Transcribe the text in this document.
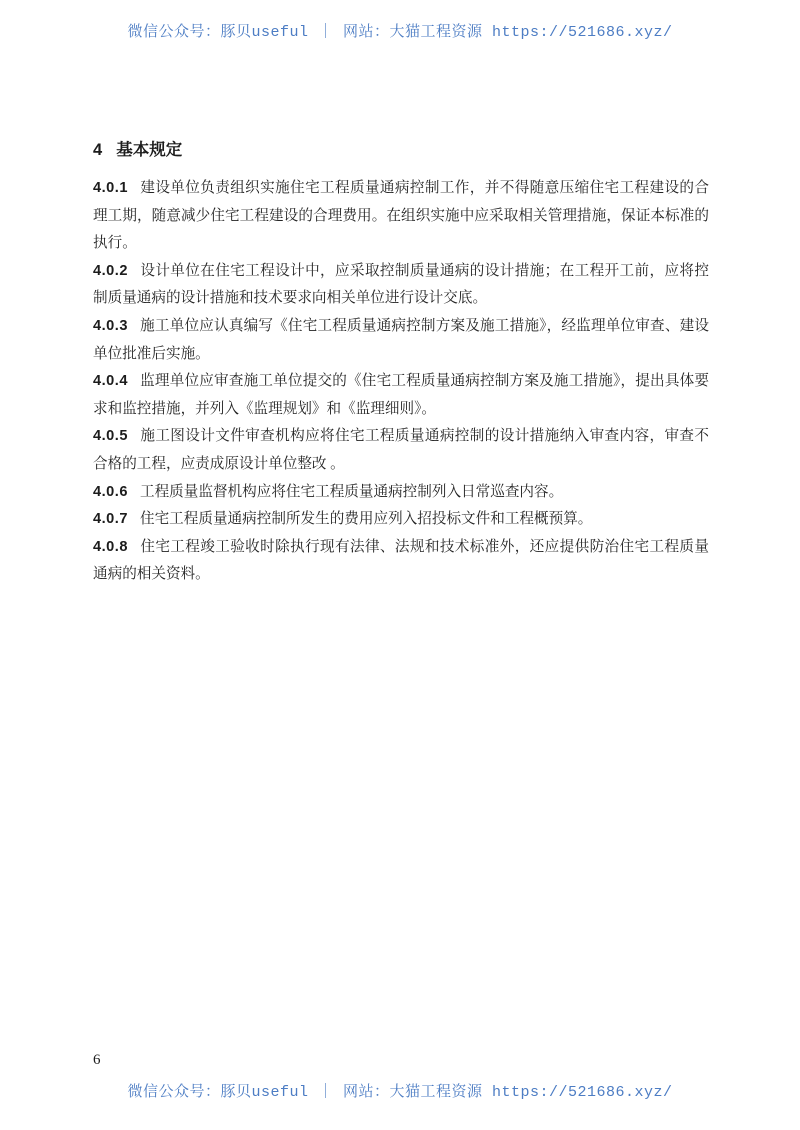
微信公众号：豚贝useful ｜ 网站：大猫工程资源 https://521686.xyz/
4 基本规定

4.0.1 建设单位负责组织实施住宅工程质量通病控制工作，并不得随意压缩住宅工程建设的合理工期，随意减少住宅工程建设的合理费用。在组织实施中应采取相关管理措施，保证本标准的执行。

4.0.2 设计单位在住宅工程设计中，应采取控制质量通病的设计措施；在工程开工前，应将控制质量通病的设计措施和技术要求向相关单位进行设计交底。

4.0.3 施工单位应认真编写《住宅工程质量通病控制方案及施工措施》，经监理单位审查、建设单位批准后实施。

4.0.4 监理单位应审查施工单位提交的《住宅工程质量通病控制方案及施工措施》，提出具体要求和监控措施，并列入《监理规划》和《监理细则》。

4.0.5 施工图设计文件审查机构应将住宅工程质量通病控制的设计措施纳入审查内容，审查不合格的工程，应责成原设计单位整改 。

4.0.6 工程质量监督机构应将住宅工程质量通病控制列入日常巡查内容。

4.0.7 住宅工程质量通病控制所发生的费用应列入招投标文件和工程概预算。

4.0.8 住宅工程竣工验收时除执行现有法律、法规和技术标准外，还应提供防治住宅工程质量通病的相关资料。

6
微信公众号：豚贝useful ｜ 网站：大猫工程资源 https://521686.xyz/
